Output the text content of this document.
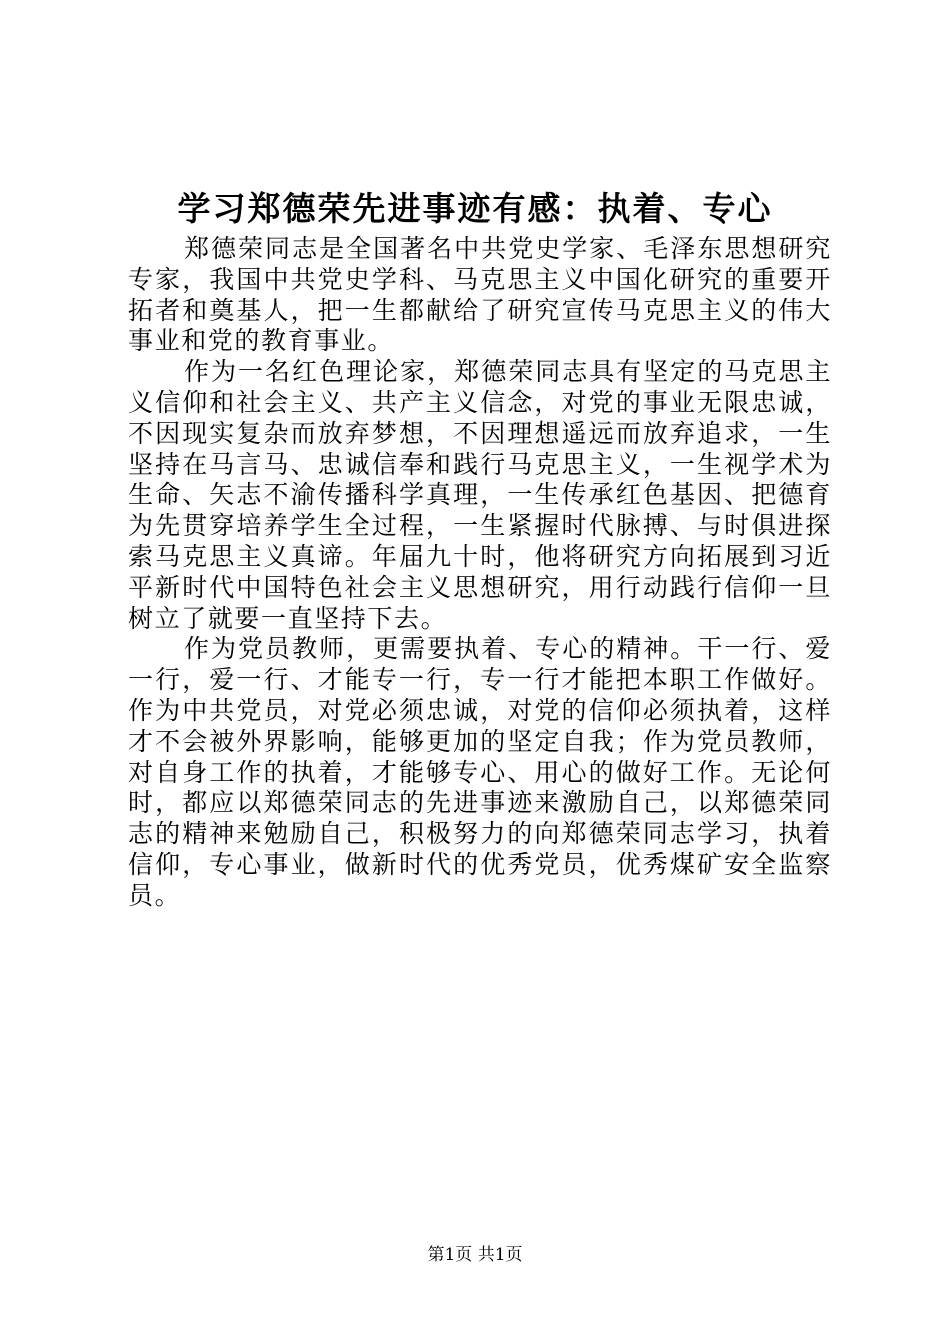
学习郑德荣先进事迹有感：执着、专心

郑德荣同志是全国著名中共党史学家、毛泽东思想研究专家，我国中共党史学科、马克思主义中国化研究的重要开拓者和奠基人，把一生都献给了研究宣传马克思主义的伟大事业和党的教育事业。

作为一名红色理论家，郑德荣同志具有坚定的马克思主义信仰和社会主义、共产主义信念，对党的事业无限忠诚，不因现实复杂而放弃梦想，不因理想遥远而放弃追求，一生坚持在马言马、忠诚信奉和践行马克思主义，一生视学术为生命、矢志不渝传播科学真理，一生传承红色基因、把德育为先贯穿培养学生全过程，一生紧握时代脉搏、与时俱进探索马克思主义真谛。年届九十时，他将研究方向拓展到习近平新时代中国特色社会主义思想研究，用行动践行信仰一旦树立了就要一直坚持下去。

作为党员教师，更需要执着、专心的精神。干一行、爱一行，爱一行、才能专一行，专一行才能把本职工作做好。作为中共党员，对党必须忠诚，对党的信仰必须执着，这样才不会被外界影响，能够更加的坚定自我；作为党员教师，对自身工作的执着，才能够专心、用心的做好工作。无论何时，都应以郑德荣同志的先进事迹来激励自己，以郑德荣同志的精神来勉励自己，积极努力的向郑德荣同志学习，执着信仰，专心事业，做新时代的优秀党员，优秀煤矿安全监察员。

第1页 共1页
